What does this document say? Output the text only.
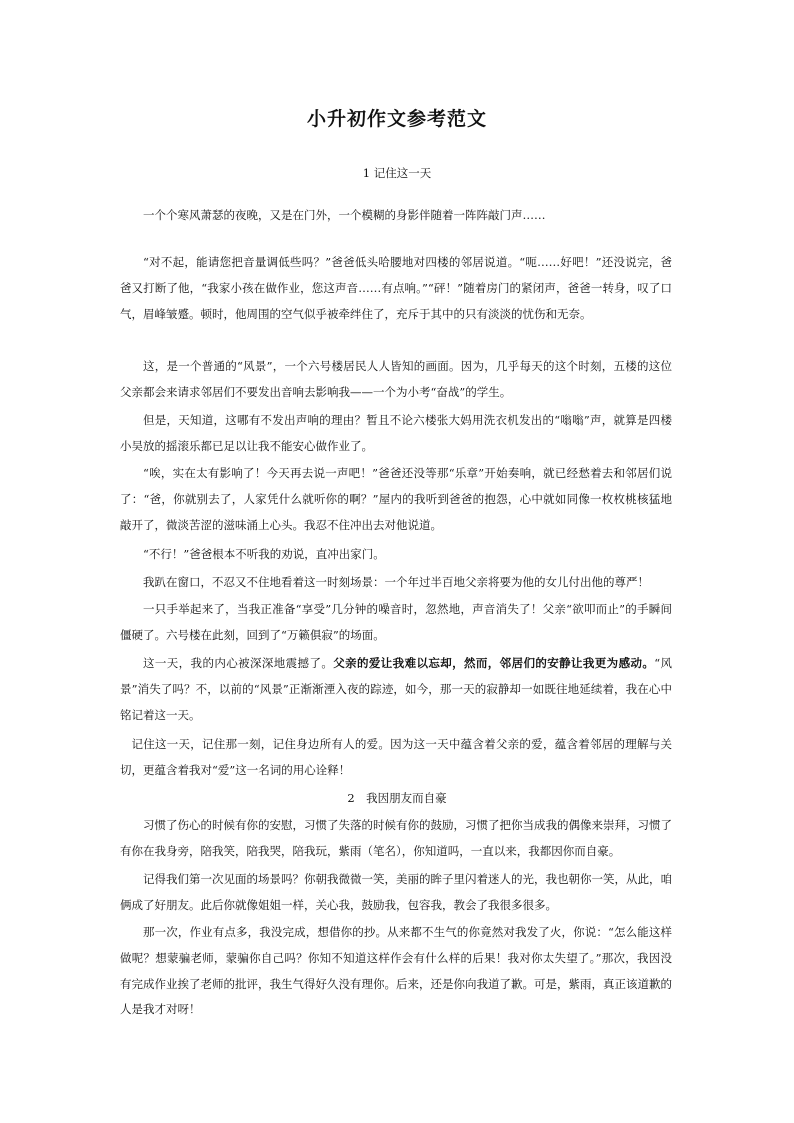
小升初作文参考范文
1 记住这一天
一个个寒风萧瑟的夜晚，又是在门外，一个模糊的身影伴随着一阵阵敲门声……
“对不起，能请您把音量调低些吗？”爸爸低头哈腰地对四楼的邻居说道。“呃……好吧！”还没说完，爸爸又打断了他，“我家小孩在做作业，您这声音……有点响。”“砰！”随着房门的紧闭声，爸爸一转身，叹了口气，眉峰皱蹙。顿时，他周围的空气似乎被牵绊住了，充斥于其中的只有淡淡的忧伤和无奈。
这，是一个普通的“风景”，一个六号楼居民人人皆知的画面。因为，几乎每天的这个时刻，五楼的这位父亲都会来请求邻居们不要发出音响去影响我——一个为小考“奋战”的学生。
但是，天知道，这哪有不发出声响的理由？暂且不论六楼张大妈用洗衣机发出的“嗡嗡”声，就算是四楼小吴放的摇滚乐都已足以让我不能安心做作业了。
“唉，实在太有影响了！今天再去说一声吧！”爸爸还没等那“乐章”开始奏响，就已经愁着去和邻居们说了：“爸，你就别去了，人家凭什么就听你的啊？”屋内的我听到爸爸的抱怨，心中就如同像一枚枚桃核猛地敲开了，微淡苦涩的滋味涌上心头。我忍不住冲出去对他说道。
“不行！”爸爸根本不听我的劝说，直冲出家门。
我趴在窗口，不忍又不住地看着这一时刻场景：一个年过半百地父亲将要为他的女儿付出他的尊严！
一只手举起来了，当我正准备“享受”几分钟的噪音时，忽然地，声音消失了！父亲“欲叩而止”的手瞬间僵硬了。六号楼在此刻，回到了“万籁俱寂”的场面。
这一天，我的内心被深深地震撼了。父亲的爱让我难以忘却，然而，邻居们的安静让我更为感动。“风景”消失了吗？不，以前的“风景”正渐渐湮入夜的踪迹，如今，那一天的寂静却一如既往地延续着，我在心中铭记着这一天。
记住这一天，记住那一刻，记住身边所有人的爱。因为这一天中蕴含着父亲的爱，蕴含着邻居的理解与关切，更蕴含着我对“爱”这一名词的用心诠释！
2　我因朋友而自豪
习惯了伤心的时候有你的安慰，习惯了失落的时候有你的鼓励，习惯了把你当成我的偶像来崇拜，习惯了有你在我身旁，陪我笑，陪我哭，陪我玩，紫雨（笔名），你知道吗，一直以来，我都因你而自豪。
记得我们第一次见面的场景吗？你朝我微微一笑，美丽的眸子里闪着迷人的光，我也朝你一笑，从此，咱俩成了好朋友。此后你就像姐姐一样，关心我，鼓励我，包容我，教会了我很多很多。
那一次，作业有点多，我没完成，想借你的抄。从来都不生气的你竟然对我发了火，你说：“怎么能这样做呢？想蒙骗老师，蒙骗你自己吗？你知不知道这样作会有什么样的后果！我对你太失望了。”那次，我因没有完成作业挨了老师的批评，我生气得好久没有理你。后来，还是你向我道了歉。可是，紫雨，真正该道歉的人是我才对呀！
